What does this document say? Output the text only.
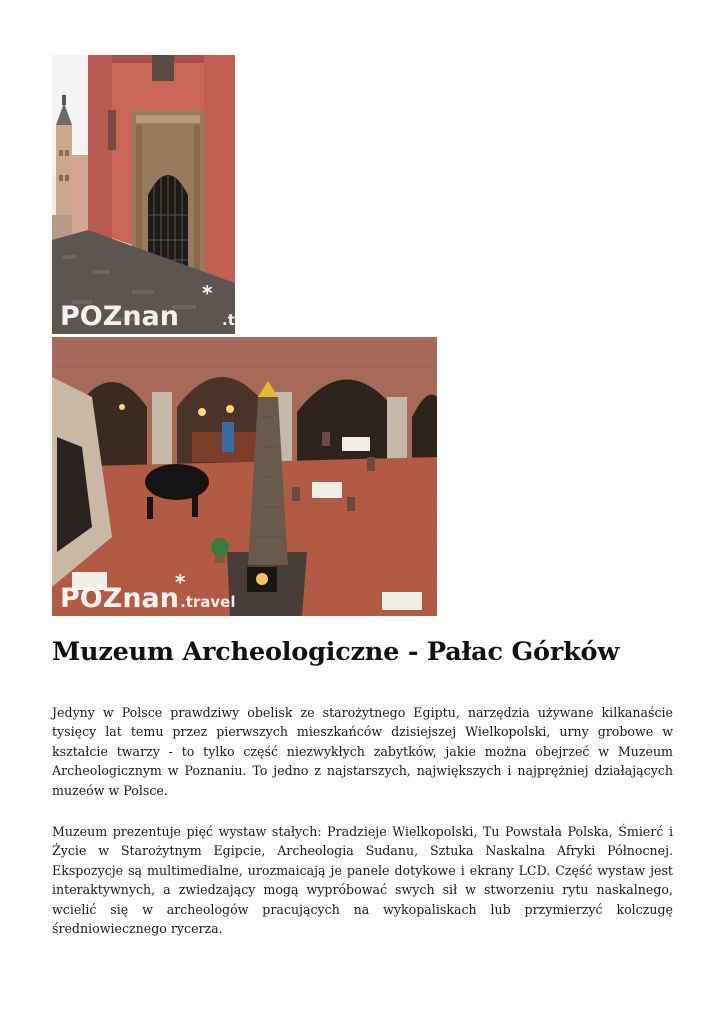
POZnan	.t
*
POZnan .travel
*
Muzeum Archeologiczne - Pałac Górków

Jedyny w Polsce prawdziwy obelisk ze starożytnego Egiptu, narzędzia używane kilkanaście tysięcy lat temu przez pierwszych mieszkańców dzisiejszej Wielkopolski, urny grobowe w kształcie twarzy - to tylko część niezwykłych zabytków, jakie można obejrzeć w Muzeum Archeologicznym w Poznaniu. To jedno z najstarszych, największych i najprężniej działających muzeów w Polsce.

Muzeum prezentuje pięć wystaw stałych: Pradzieje Wielkopolski, Tu Powstała Polska, Śmierć i Życie w Starożytnym Egipcie, Archeologia Sudanu, Sztuka Naskalna Afryki Północnej. Ekspozycje są multimedialne, urozmaicają je panele dotykowe i ekrany LCD. Część wystaw jest interaktywnych, a zwiedzający mogą wypróbować swych sił w stworzeniu rytu naskalnego, wcielić się w archeologów pracujących na wykopaliskach lub przymierzyć kolczugę średniowiecznego rycerza.
